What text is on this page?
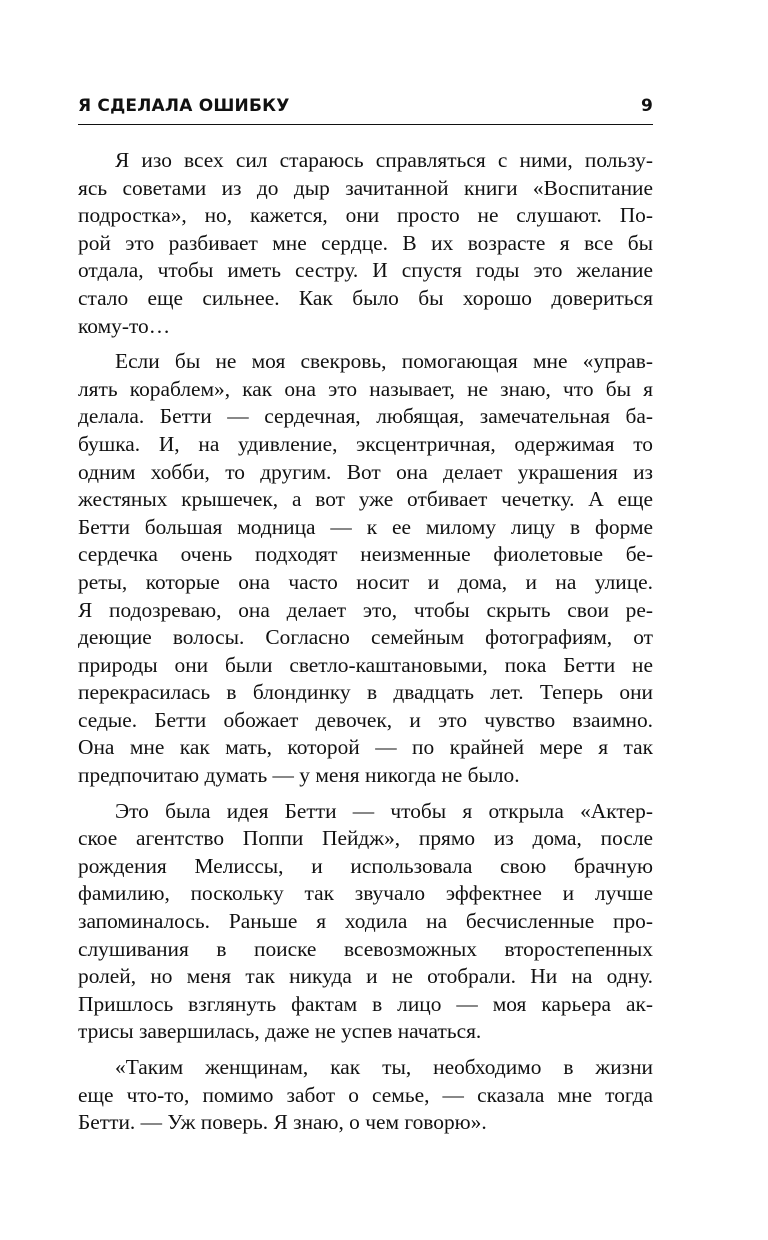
Я СДЕЛАЛА ОШИБКУ	9
Я изо всех сил стараюсь справляться с ними, пользу-
ясь советами из до дыр зачитанной книги «Воспитание
подростка», но, кажется, они просто не слушают. По-
рой это разбивает мне сердце. В их возрасте я все бы
отдала, чтобы иметь сестру. И спустя годы это желание
стало еще сильнее. Как было бы хорошо довериться
кому-то…
Если бы не моя свекровь, помогающая мне «управ-
лять кораблем», как она это называет, не знаю, что бы я
делала. Бетти — сердечная, любящая, замечательная ба-
бушка. И, на удивление, эксцентричная, одержимая то
одним хобби, то другим. Вот она делает украшения из
жестяных крышечек, а вот уже отбивает чечетку. А еще
Бетти большая модница — к ее милому лицу в форме
сердечка очень подходят неизменные фиолетовые бе-
реты, которые она часто носит и дома, и на улице.
Я подозреваю, она делает это, чтобы скрыть свои ре-
деющие волосы. Согласно семейным фотографиям, от
природы они были светло-каштановыми, пока Бетти не
перекрасилась в блондинку в двадцать лет. Теперь они
седые. Бетти обожает девочек, и это чувство взаимно.
Она мне как мать, которой — по крайней мере я так
предпочитаю думать — у меня никогда не было.
Это была идея Бетти — чтобы я открыла «Актер-
ское агентство Поппи Пейдж», прямо из дома, после
рождения Мелиссы, и использовала свою брачную
фамилию, поскольку так звучало эффектнее и лучше
запоминалось. Раньше я ходила на бесчисленные про-
слушивания в поиске всевозможных второстепенных
ролей, но меня так никуда и не отобрали. Ни на одну.
Пришлось взглянуть фактам в лицо — моя карьера ак-
трисы завершилась, даже не успев начаться.
«Таким женщинам, как ты, необходимо в жизни
еще что-то, помимо забот о семье, — сказала мне тогда
Бетти. — Уж поверь. Я знаю, о чем говорю».
